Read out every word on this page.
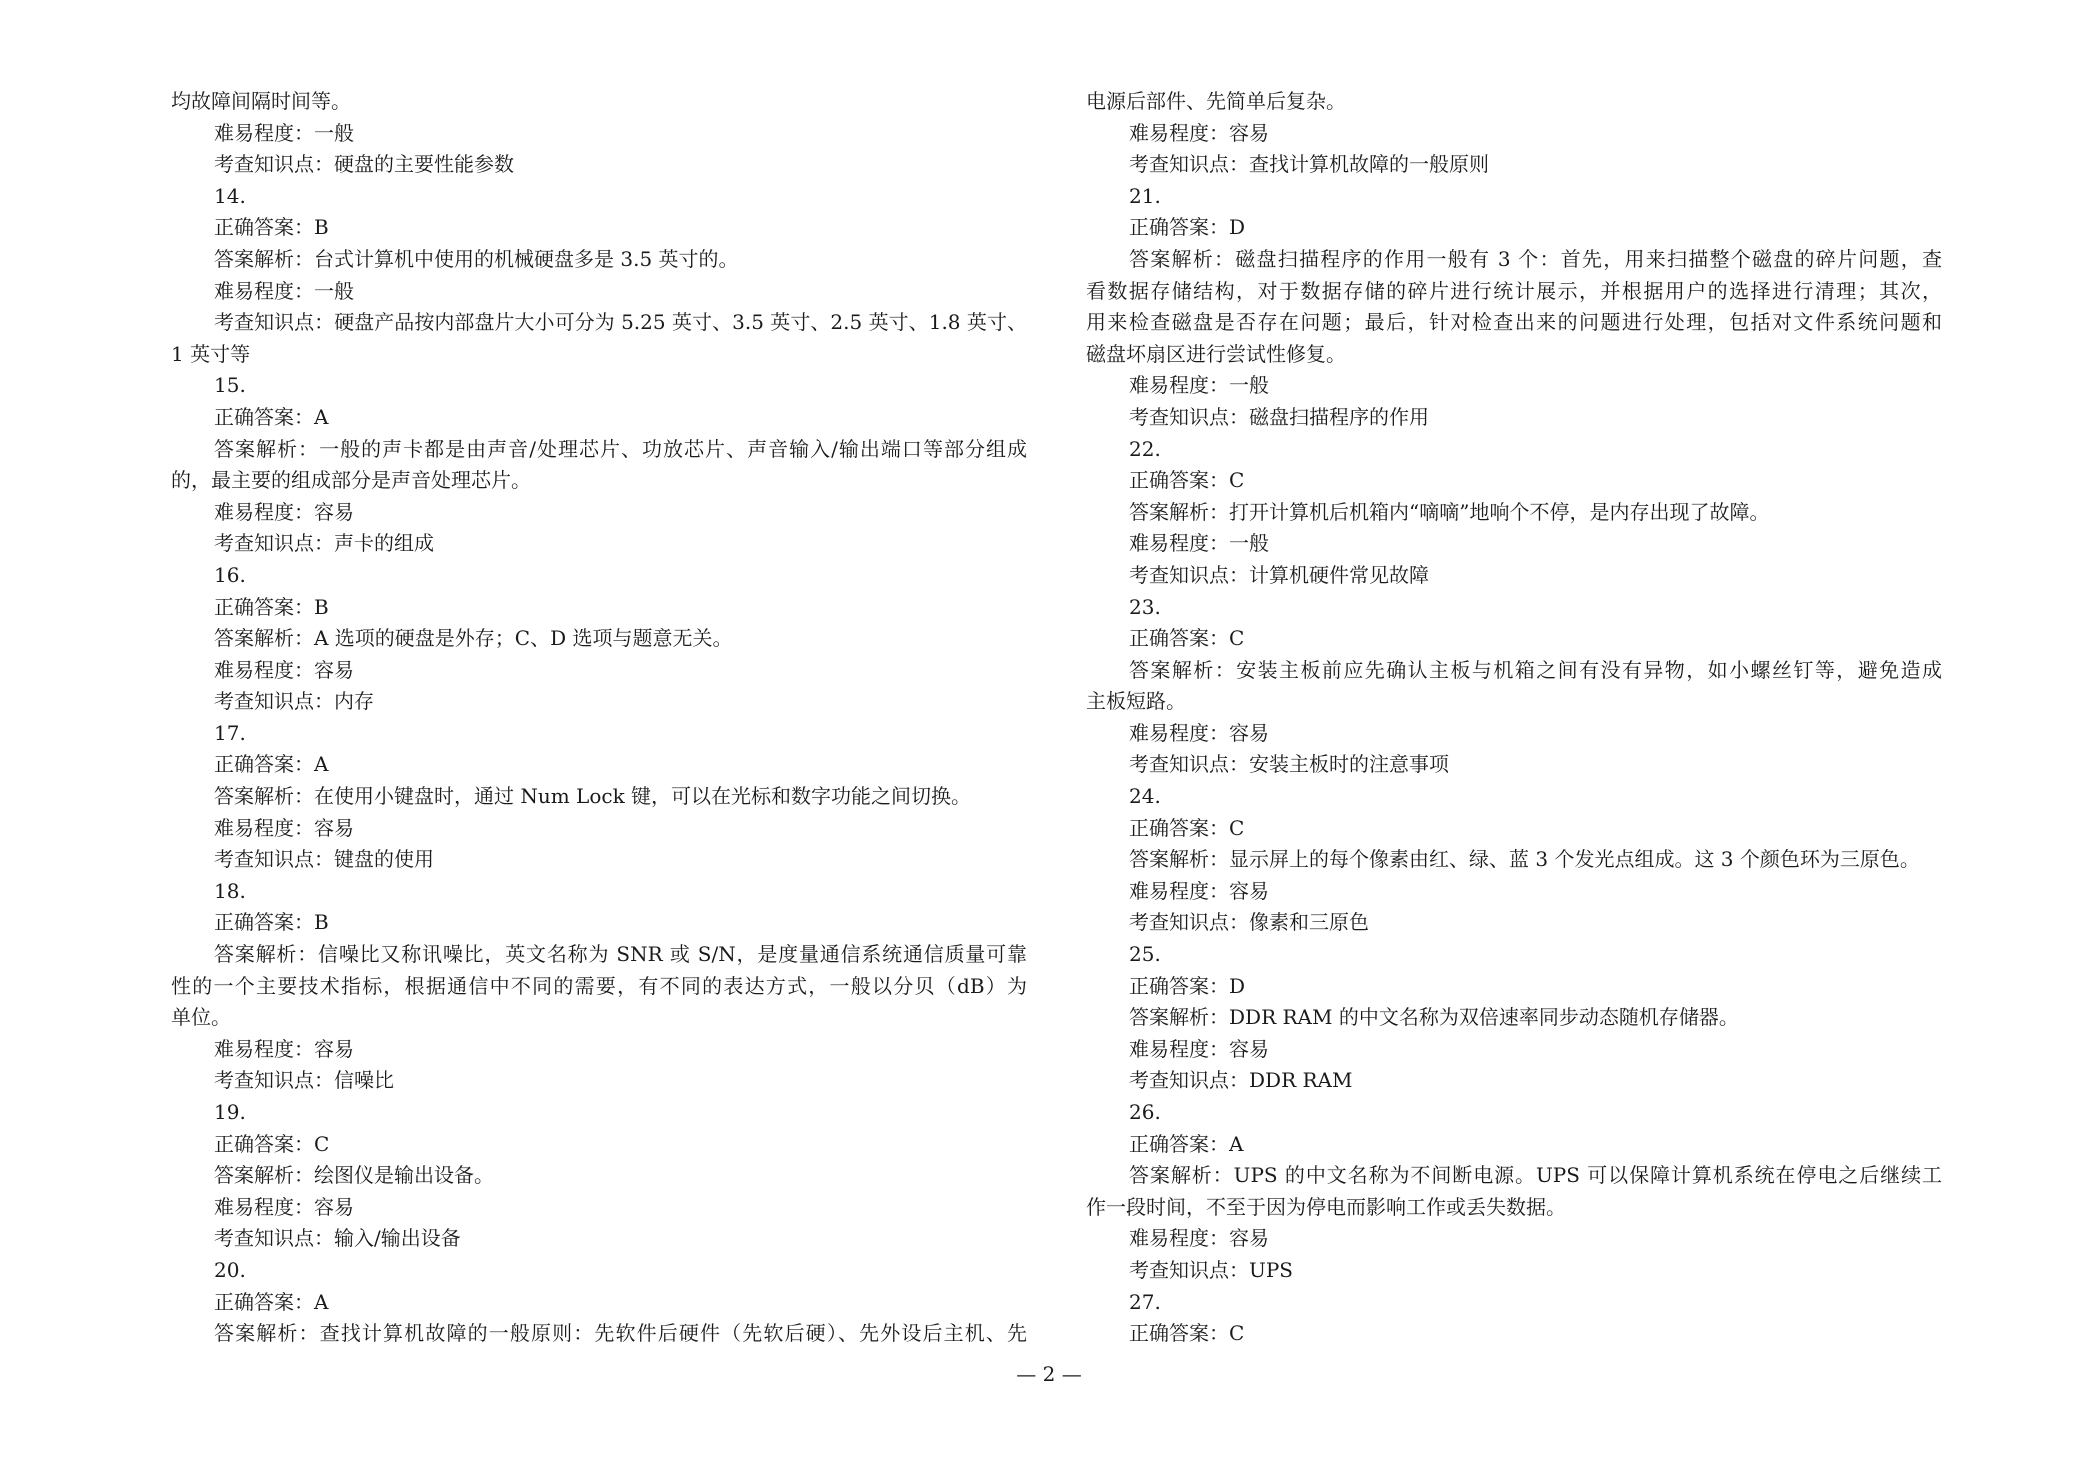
均故障间隔时间等。
难易程度：一般
考查知识点：硬盘的主要性能参数
14.
正确答案：B
答案解析：台式计算机中使用的机械硬盘多是 3.5 英寸的。
难易程度：一般
考查知识点：硬盘产品按内部盘片大小可分为 5.25 英寸、3.5 英寸、2.5 英寸、1.8 英寸、
1 英寸等
15.
正确答案：A
答案解析：一般的声卡都是由声音/处理芯片、功放芯片、声音输入/输出端口等部分组成
的，最主要的组成部分是声音处理芯片。
难易程度：容易
考查知识点：声卡的组成
16.
正确答案：B
答案解析：A 选项的硬盘是外存；C、D 选项与题意无关。
难易程度：容易
考查知识点：内存
17.
正确答案：A
答案解析：在使用小键盘时，通过 Num Lock 键，可以在光标和数字功能之间切换。
难易程度：容易
考查知识点：键盘的使用
18.
正确答案：B
答案解析：信噪比又称讯噪比，英文名称为 SNR 或 S/N，是度量通信系统通信质量可靠
性的一个主要技术指标，根据通信中不同的需要，有不同的表达方式，一般以分贝（dB）为
单位。
难易程度：容易
考查知识点：信噪比
19.
正确答案：C
答案解析：绘图仪是输出设备。
难易程度：容易
考查知识点：输入/输出设备
20.
正确答案：A
答案解析：查找计算机故障的一般原则：先软件后硬件（先软后硬）、先外设后主机、先
电源后部件、先简单后复杂。
难易程度：容易
考查知识点：查找计算机故障的一般原则
21.
正确答案：D
答案解析：磁盘扫描程序的作用一般有 3 个：首先，用来扫描整个磁盘的碎片问题，查
看数据存储结构，对于数据存储的碎片进行统计展示，并根据用户的选择进行清理；其次，
用来检查磁盘是否存在问题；最后，针对检查出来的问题进行处理，包括对文件系统问题和
磁盘坏扇区进行尝试性修复。
难易程度：一般
考查知识点：磁盘扫描程序的作用
22.
正确答案：C
答案解析：打开计算机后机箱内“嘀嘀”地响个不停，是内存出现了故障。
难易程度：一般
考查知识点：计算机硬件常见故障
23.
正确答案：C
答案解析：安装主板前应先确认主板与机箱之间有没有异物，如小螺丝钉等，避免造成
主板短路。
难易程度：容易
考查知识点：安装主板时的注意事项
24.
正确答案：C
答案解析：显示屏上的每个像素由红、绿、蓝 3 个发光点组成。这 3 个颜色环为三原色。
难易程度：容易
考查知识点：像素和三原色
25.
正确答案：D
答案解析：DDR RAM 的中文名称为双倍速率同步动态随机存储器。
难易程度：容易
考查知识点：DDR RAM
26.
正确答案：A
答案解析：UPS 的中文名称为不间断电源。UPS 可以保障计算机系统在停电之后继续工
作一段时间，不至于因为停电而影响工作或丢失数据。
难易程度：容易
考查知识点：UPS
27.
正确答案：C
— 2 —
